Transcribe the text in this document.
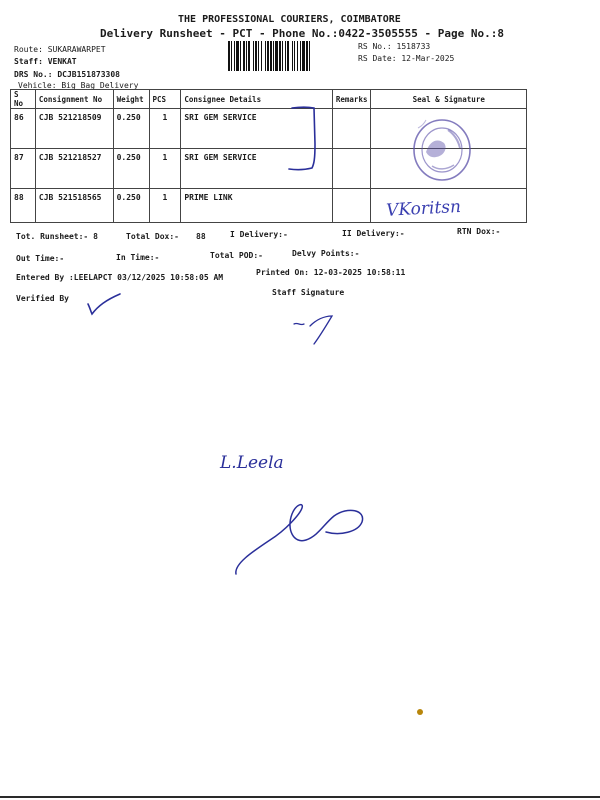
THE PROFESSIONAL COURIERS, COIMBATORE
Delivery Runsheet - PCT - Phone No.:0422-3505555 - Page No.:8
Route: SUKARAWARPET
Staff: VENKAT
DRS No.: DCJB151873308
Vehicle: Big Bag Delivery
RS No.: 1518733
RS Date: 12-Mar-2025
S No	Consignment No	Weight	PCS	Consignee Details	Remarks	Seal & Signature
86	CJB 521218509	0.250	1	SRI GEM SERVICE		
87	CJB 521218527	0.250	1	SRI GEM SERVICE		
88	CJB 521518565	0.250	1	PRIME LINK			VKoritsn
Tot. Runsheet:- 8	Total Dox:- 88	I Delivery:-	II Delivery:-	RTN Dox:-
Out Time:-	In Time:-	Total POD:-	Delvy Points:-
Entered By :LEELAPCT 03/12/2025 10:58:05 AM
Printed On: 12-03-2025 10:58:11
Verified By
Staff Signature
L.Leela
